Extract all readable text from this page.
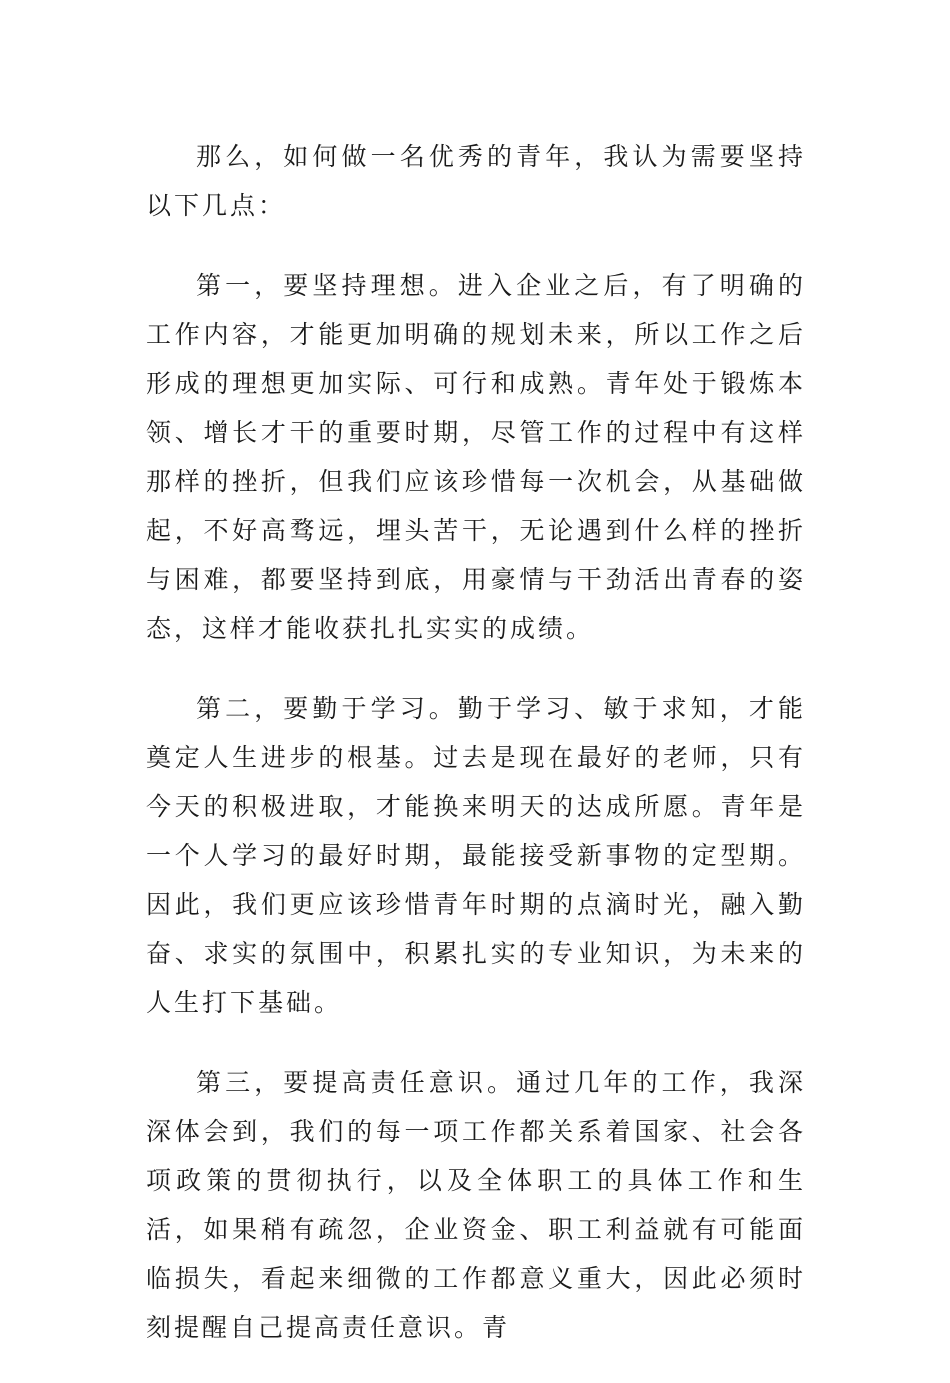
那么，如何做一名优秀的青年，我认为需要坚持以下几点：

第一，要坚持理想。进入企业之后，有了明确的工作内容，才能更加明确的规划未来，所以工作之后形成的理想更加实际、可行和成熟。青年处于锻炼本领、增长才干的重要时期，尽管工作的过程中有这样那样的挫折，但我们应该珍惜每一次机会，从基础做起，不好高骛远，埋头苦干，无论遇到什么样的挫折与困难，都要坚持到底，用豪情与干劲活出青春的姿态，这样才能收获扎扎实实的成绩。

第二，要勤于学习。勤于学习、敏于求知，才能奠定人生进步的根基。过去是现在最好的老师，只有今天的积极进取，才能换来明天的达成所愿。青年是一个人学习的最好时期，最能接受新事物的定型期。因此，我们更应该珍惜青年时期的点滴时光，融入勤奋、求实的氛围中，积累扎实的专业知识，为未来的人生打下基础。

第三，要提高责任意识。通过几年的工作，我深深体会到，我们的每一项工作都关系着国家、社会各项政策的贯彻执行，以及全体职工的具体工作和生活，如果稍有疏忽，企业资金、职工利益就有可能面临损失，看起来细微的工作都意义重大，因此必须时刻提醒自己提高责任意识。青
